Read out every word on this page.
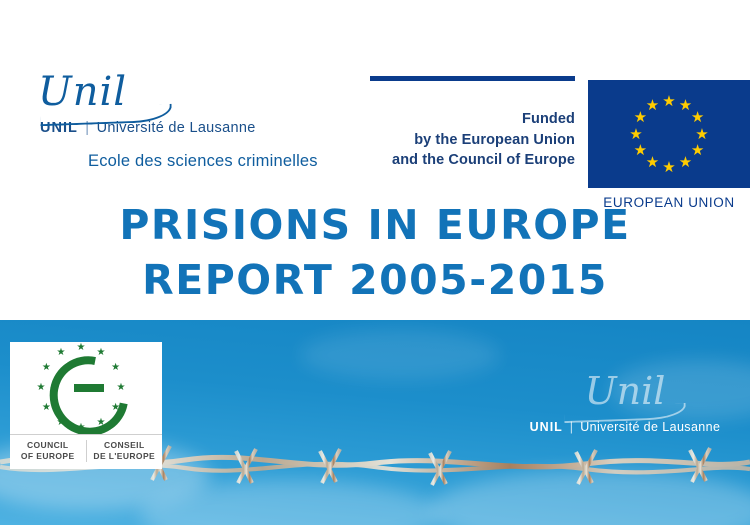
Unil
UNIL | Université de Lausanne
Ecole des sciences criminelles
Funded
by the European Union
and the Council of Europe
★ ★
★
★
★
★
★
★
★
★
★
★
EUROPEAN UNION
PRISIONS IN EUROPE
REPORT 2005-2015
★ ★
★
★
★
★
★
★
★
★
★
★
COUNCIL
OF EUROPE
CONSEIL
DE L'EUROPE
Unil
UNIL | Université de Lausanne
